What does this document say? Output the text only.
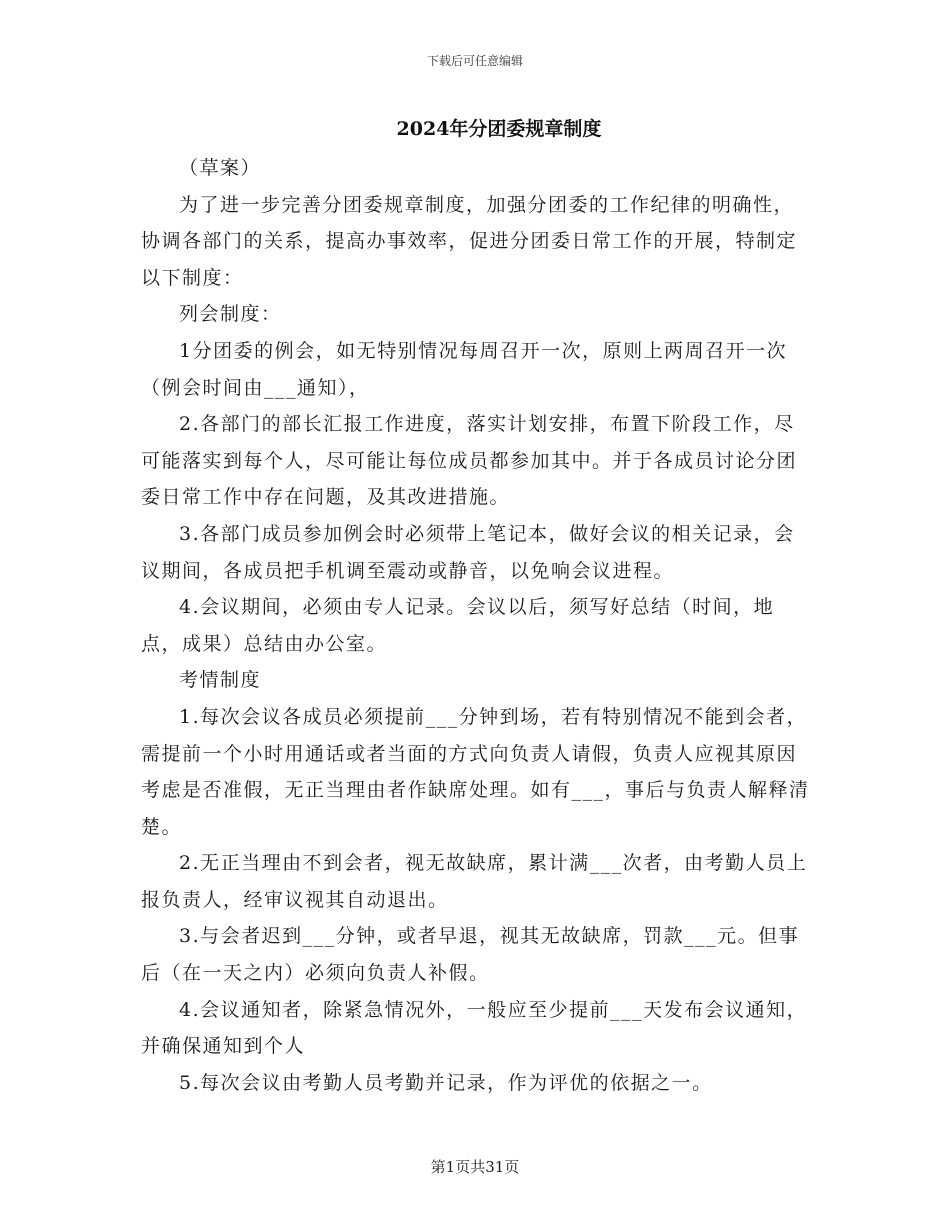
下载后可任意编辑
2024年分团委规章制度

（草案）

为了进一步完善分团委规章制度，加强分团委的工作纪律的明确性，协调各部门的关系，提高办事效率，促进分团委日常工作的开展，特制定以下制度：

列会制度：

1分团委的例会，如无特别情况每周召开一次，原则上两周召开一次（例会时间由___通知），

2.各部门的部长汇报工作进度，落实计划安排，布置下阶段工作，尽可能落实到每个人，尽可能让每位成员都参加其中。并于各成员讨论分团委日常工作中存在问题，及其改进措施。

3.各部门成员参加例会时必须带上笔记本，做好会议的相关记录，会议期间，各成员把手机调至震动或静音，以免响会议进程。

4.会议期间，必须由专人记录。会议以后，须写好总结（时间，地点，成果）总结由办公室。

考情制度

1.每次会议各成员必须提前___分钟到场，若有特别情况不能到会者，需提前一个小时用通话或者当面的方式向负责人请假，负责人应视其原因考虑是否准假，无正当理由者作缺席处理。如有___，事后与负责人解释清楚。

2.无正当理由不到会者，视无故缺席，累计满___次者，由考勤人员上报负责人，经审议视其自动退出。

3.与会者迟到___分钟，或者早退，视其无故缺席，罚款___元。但事后（在一天之内）必须向负责人补假。

4.会议通知者，除紧急情况外，一般应至少提前___天发布会议通知，并确保通知到个人

5.每次会议由考勤人员考勤并记录，作为评优的依据之一。

第1页共31页
